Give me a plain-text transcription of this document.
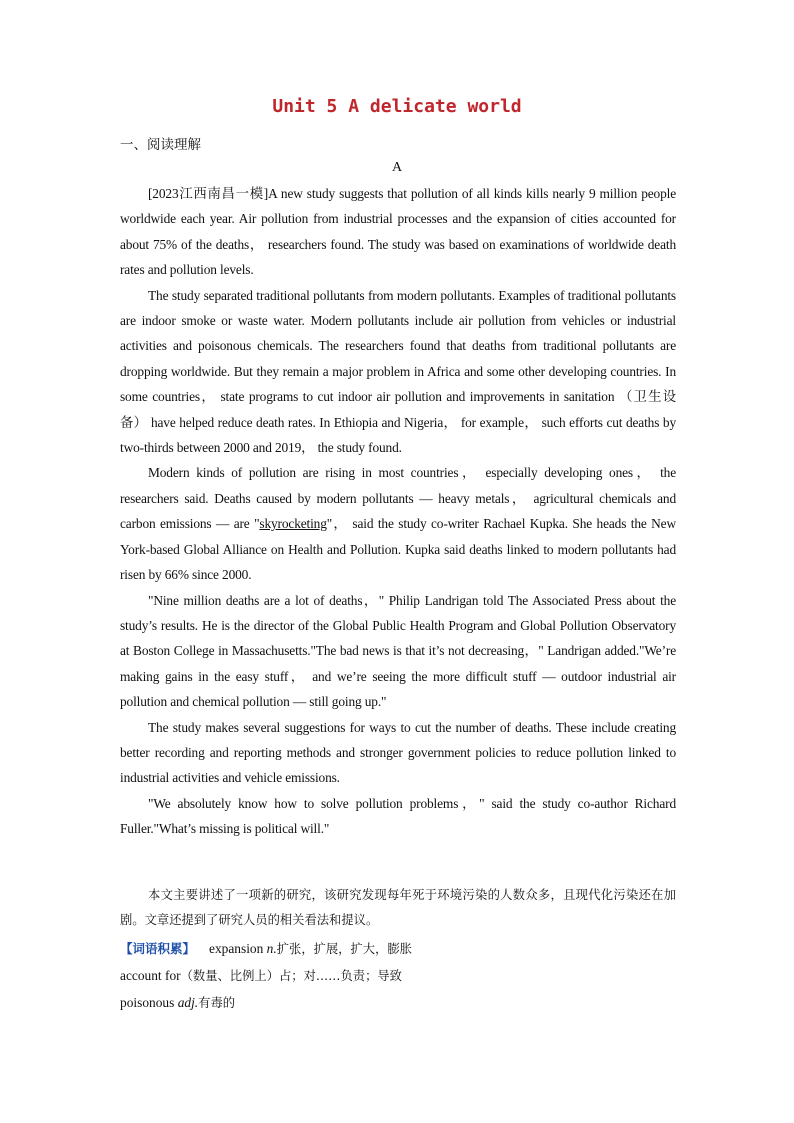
Unit 5 A delicate world
一、阅读理解
A

[2023江西南昌一模]A new study suggests that pollution of all kinds kills nearly 9 million people worldwide each year. Air pollution from industrial processes and the expansion of cities accounted for about 75% of the deaths， researchers found. The study was based on examinations of worldwide death rates and pollution levels.

The study separated traditional pollutants from modern pollutants. Examples of traditional pollutants are indoor smoke or waste water. Modern pollutants include air pollution from vehicles or industrial activities and poisonous chemicals. The researchers found that deaths from traditional pollutants are dropping worldwide. But they remain a major problem in Africa and some other developing countries. In some countries， state programs to cut indoor air pollution and improvements in sanitation （卫生设备） have helped reduce death rates. In Ethiopia and Nigeria， for example， such efforts cut deaths by two-thirds between 2000 and 2019， the study found.

Modern kinds of pollution are rising in most countries， especially developing ones， the researchers said. Deaths caused by modern pollutants — heavy metals， agricultural chemicals and carbon emissions — are "skyrocketing"， said the study co-writer Rachael Kupka. She heads the New York-based Global Alliance on Health and Pollution. Kupka said deaths linked to modern pollutants had risen by 66% since 2000.

"Nine million deaths are a lot of deaths，" Philip Landrigan told The Associated Press about the study’s results. He is the director of the Global Public Health Program and Global Pollution Observatory at Boston College in Massachusetts."The bad news is that it’s not decreasing，" Landrigan added."We’re making gains in the easy stuff， and we’re seeing the more difficult stuff — outdoor industrial air pollution and chemical pollution — still going up."

The study makes several suggestions for ways to cut the number of deaths. These include creating better recording and reporting methods and stronger government policies to reduce pollution linked to industrial activities and vehicle emissions.

"We absolutely know how to solve pollution problems，" said the study co-author Richard Fuller."What’s missing is political will."

本文主要讲述了一项新的研究，该研究发现每年死于环境污染的人数众多，且现代化污染还在加剧。文章还提到了研究人员的相关看法和提议。
【词语积累】 expansion n.扩张，扩展，扩大，膨胀
account for（数量、比例上）占；对……负责；导致
poisonous adj.有毒的
